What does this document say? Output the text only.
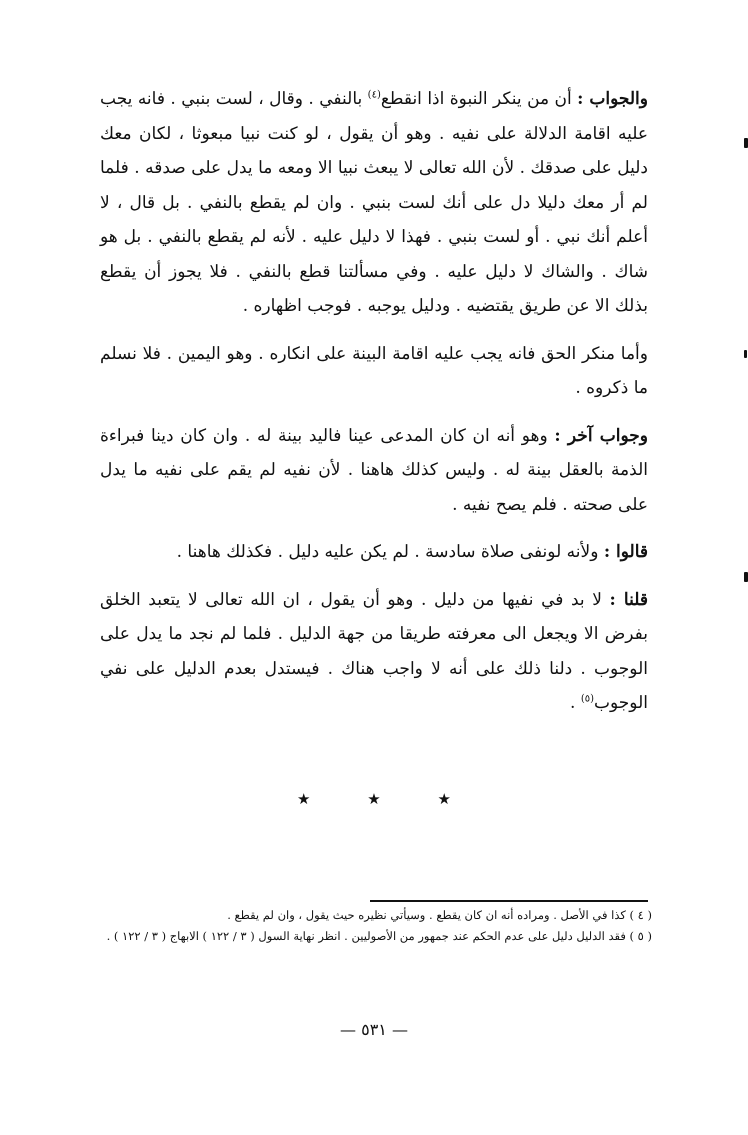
والجواب : أن من ينكر النبوة اذا انقطع$^{(٤)}$ بالنفي . وقال ، لست بنبي . فانه يجب عليه اقامة الدلالة على نفيه . وهو أن يقول ، لو كنت نبيا مبعوثا ، لكان معك دليل على صدقك . لأن الله تعالى لا يبعث نبيا الا ومعه ما يدل على صدقه . فلما لم أر معك دليلا دل على أنك لست بنبي . وان لم يقطع بالنفي . بل قال ، لا أعلم أنك نبي . أو لست بنبي . فهذا لا دليل عليه . لأنه لم يقطع بالنفي . بل هو شاك . والشاك لا دليل عليه . وفي مسألتنا قطع بالنفي . فلا يجوز أن يقطع بذلك الا عن طريق يقتضيه . ودليل يوجبه . فوجب اظهاره .

وأما منكر الحق فانه يجب عليه اقامة البينة على انكاره . وهو اليمين . فلا نسلم ما ذكروه .

وجواب آخر : وهو أنه ان كان المدعى عينا فاليد بينة له . وان كان دينا فبراءة الذمة بالعقل بينة له . وليس كذلك هاهنا . لأن نفيه لم يقم على نفيه ما يدل على صحته . فلم يصح نفيه .

قالوا : ولأنه لونفى صلاة سادسة . لم يكن عليه دليل . فكذلك هاهنا .

قلنا : لا بد في نفيها من دليل . وهو أن يقول ، ان الله تعالى لا يتعبد الخلق بفرض الا ويجعل الى معرفته طريقا من جهة الدليل . فلما لم نجد ما يدل على الوجوب . دلنا ذلك على أنه لا واجب هناك . فيستدل بعدم الدليل على نفي الوجوب$^{(٥)}$ .

★ ★ ★

( ٤ ) كذا في الأصل . ومراده أنه ان كان يقطع . وسيأتي نظيره حيث يقول ، وان لم يقطع .

( ٥ ) فقد الدليل دليل على عدم الحكم عند جمهور من الأصوليين . انظر نهاية السول ( ٣ / ١٢٢ ) الابهاج ( ٣ / ١٢٢ ) .

— ٥٣١ —
